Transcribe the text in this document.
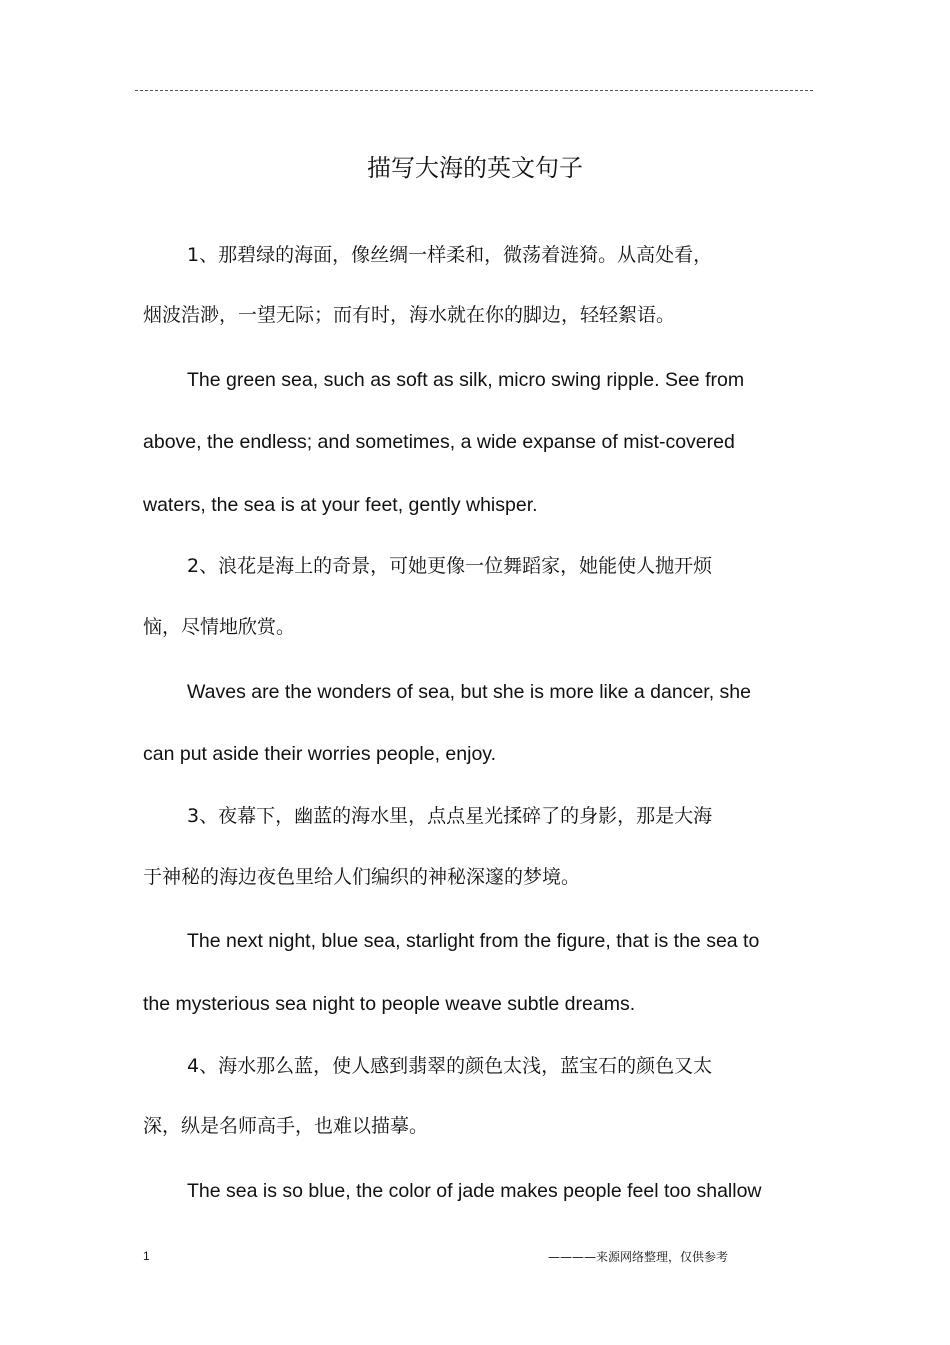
描写大海的英文句子
1、那碧绿的海面，像丝绸一样柔和，微荡着涟猗。从高处看，
烟波浩渺，一望无际；而有时，海水就在你的脚边，轻轻絮语。
The green sea, such as soft as silk, micro swing ripple. See from
above, the endless; and sometimes, a wide expanse of mist-covered
waters, the sea is at your feet, gently whisper.
2、浪花是海上的奇景，可她更像一位舞蹈家，她能使人抛开烦
恼，尽情地欣赏。
Waves are the wonders of sea, but she is more like a dancer, she
can put aside their worries people, enjoy.
3、夜幕下，幽蓝的海水里，点点星光揉碎了的身影，那是大海
于神秘的海边夜色里给人们编织的神秘深邃的梦境。
The next night, blue sea, starlight from the figure, that is the sea to
the mysterious sea night to people weave subtle dreams.
4、海水那么蓝，使人感到翡翠的颜色太浅，蓝宝石的颜色又太
深，纵是名师高手，也难以描摹。
The sea is so blue, the color of jade makes people feel too shallow
1	————来源网络整理，仅供参考
